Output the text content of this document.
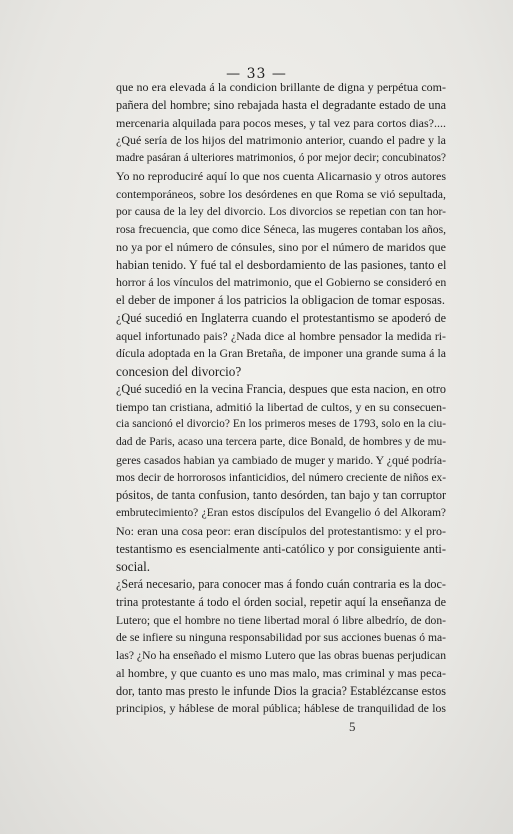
— 33 —
que no era elevada á la condicion brillante de digna y perpétua com-
pañera del hombre; sino rebajada hasta el degradante estado de una
mercenaria alquilada para pocos meses, y tal vez para cortos dias?....
¿Qué sería de los hijos del matrimonio anterior, cuando el padre y la
madre pasáran á ulteriores matrimonios, ó por mejor decir; concubinatos?
Yo no reproduciré aquí lo que nos cuenta Alicarnasio y otros autores
contemporáneos, sobre los desórdenes en que Roma se vió sepultada,
por causa de la ley del divorcio. Los divorcios se repetian con tan hor-
rosa frecuencia, que como dice Séneca, las mugeres contaban los años,
no ya por el número de cónsules, sino por el número de maridos que
habian tenido. Y fué tal el desbordamiento de las pasiones, tanto el
horror á los vínculos del matrimonio, que el Gobierno se consideró en
el deber de imponer á los patricios la obligacion de tomar esposas.
¿Qué sucedió en Inglaterra cuando el protestantismo se apoderó de
aquel infortunado pais? ¿Nada dice al hombre pensador la medida ri-
dícula adoptada en la Gran Bretaña, de imponer una grande suma á la
concesion del divorcio?
¿Qué sucedió en la vecina Francia, despues que esta nacion, en otro
tiempo tan cristiana, admitió la libertad de cultos, y en su consecuen-
cia sancionó el divorcio? En los primeros meses de 1793, solo en la ciu-
dad de Paris, acaso una tercera parte, dice Bonald, de hombres y de mu-
geres casados habian ya cambiado de muger y marido. Y ¿qué podría-
mos decir de horrorosos infanticidios, del número creciente de niños ex-
pósitos, de tanta confusion, tanto desórden, tan bajo y tan corruptor
embrutecimiento? ¿Eran estos discípulos del Evangelio ó del Alkoram?
No: eran una cosa peor: eran discípulos del protestantismo: y el pro-
testantismo es esencialmente anti-católico y por consiguiente anti-
social.
¿Será necesario, para conocer mas á fondo cuán contraria es la doc-
trina protestante á todo el órden social, repetir aquí la enseñanza de
Lutero; que el hombre no tiene libertad moral ó libre albedrío, de don-
de se infiere su ninguna responsabilidad por sus acciones buenas ó ma-
las? ¿No ha enseñado el mismo Lutero que las obras buenas perjudican
al hombre, y que cuanto es uno mas malo, mas criminal y mas peca-
dor, tanto mas presto le infunde Dios la gracia? Establézcanse estos
principios, y háblese de moral pública; háblese de tranquilidad de los
5
